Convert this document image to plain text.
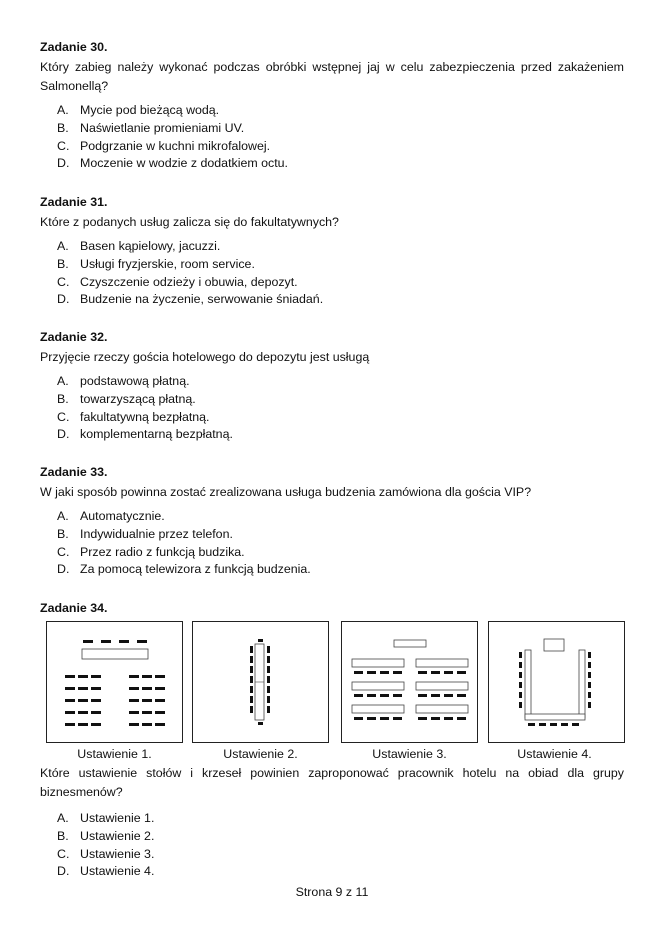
Zadanie 30.
Który zabieg należy wykonać podczas obróbki wstępnej jaj w celu zabezpieczenia przed zakażeniem Salmonellą?
A. Mycie pod bieżącą wodą.
B. Naświetlanie promieniami UV.
C. Podgrzanie w kuchni mikrofalowej.
D. Moczenie w wodzie z dodatkiem octu.
Zadanie 31.
Które z podanych usług zalicza się do fakultatywnych?
A. Basen kąpielowy, jacuzzi.
B. Usługi fryzjerskie, room service.
C. Czyszczenie odzieży i obuwia, depozyt.
D. Budzenie na życzenie, serwowanie śniadań.
Zadanie 32.
Przyjęcie rzeczy gościa hotelowego do depozytu jest usługą
A. podstawową płatną.
B. towarzyszącą płatną.
C. fakultatywną bezpłatną.
D. komplementarną bezpłatną.
Zadanie 33.
W jaki sposób powinna zostać zrealizowana usługa budzenia zamówiona dla gościa VIP?
A. Automatycznie.
B. Indywidualnie przez telefon.
C. Przez radio z funkcją budzika.
D. Za pomocą telewizora z funkcją budzenia.
Zadanie 34.
Ustawienie 1.	Ustawienie 2.	Ustawienie 3.	Ustawienie 4.
Które ustawienie stołów i krzeseł powinien zaproponować pracownik hotelu na obiad dla grupy biznesmenów?
A. Ustawienie 1.
B. Ustawienie 2.
C. Ustawienie 3.
D. Ustawienie 4.
Strona 9 z 11
